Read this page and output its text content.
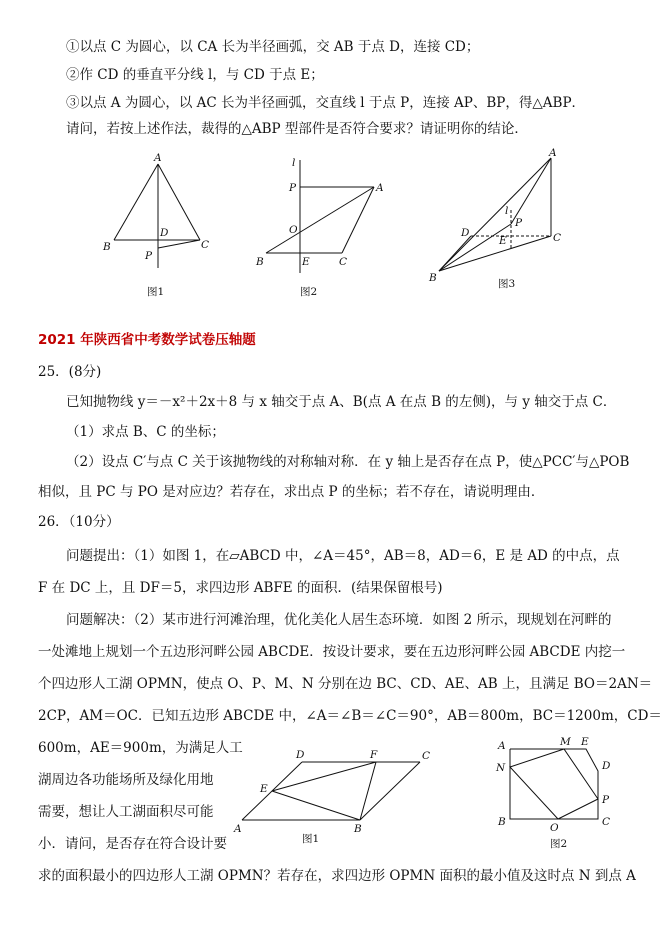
①以点 C 为圆心，以 CA 长为半径画弧，交 AB 于点 D，连接 CD；
②作 CD 的垂直平分线 l，与 CD 于点 E；
③以点 A 为圆心，以 AC 长为半径画弧，交直线 l 于点 P，连接 AP、BP，得△ABP．
请问，若按上述作法，裁得的△ABP 型部件是否符合要求？请证明你的结论．
A
B	C
D
P
图1
l
P	A
O
B	E	C
图2
A
l
P
D
E	C
B	图3
2021 年陕西省中考数学试卷压轴题
25．(8分)
已知抛物线 y＝－x²＋2x＋8 与 x 轴交于点 A、B(点 A 在点 B 的左侧)，与 y 轴交于点 C．
（1）求点 B、C 的坐标；
（2）设点 C′与点 C 关于该抛物线的对称轴对称．在 y 轴上是否存在点 P，使△PCC′与△POB
相似，且 PC 与 PO 是对应边？若存在，求出点 P 的坐标；若不存在，请说明理由．
26．（10分）
问题提出：（1）如图 1，在▱ABCD 中，∠A＝45°，AB＝8，AD＝6，E 是 AD 的中点，点
F 在 DC 上，且 DF＝5，求四边形 ABFE 的面积．(结果保留根号)
问题解决：（2）某市进行河滩治理，优化美化人居生态环境．如图 2 所示，现规划在河畔的
一处滩地上规划一个五边形河畔公园 ABCDE．按设计要求，要在五边形河畔公园 ABCDE 内挖一
个四边形人工湖 OPMN，使点 O、P、M、N 分别在边 BC、CD、AE、AB 上，且满足 BO＝2AN＝
2CP，AM＝OC．已知五边形 ABCDE 中，∠A＝∠B＝∠C＝90°，AB＝800m，BC＝1200m，CD＝
600m，AE＝900m，为满足人工
湖周边各功能场所及绿化用地
需要，想让人工湖面积尽可能
小．请问，是否存在符合设计要
求的面积最小的四边形人工湖 OPMN？若存在，求四边形 OPMN 面积的最小值及这时点 N 到点 A
D	F	C
E
A	B
图1
A	M E
N	D
P
B	O	C
图2
